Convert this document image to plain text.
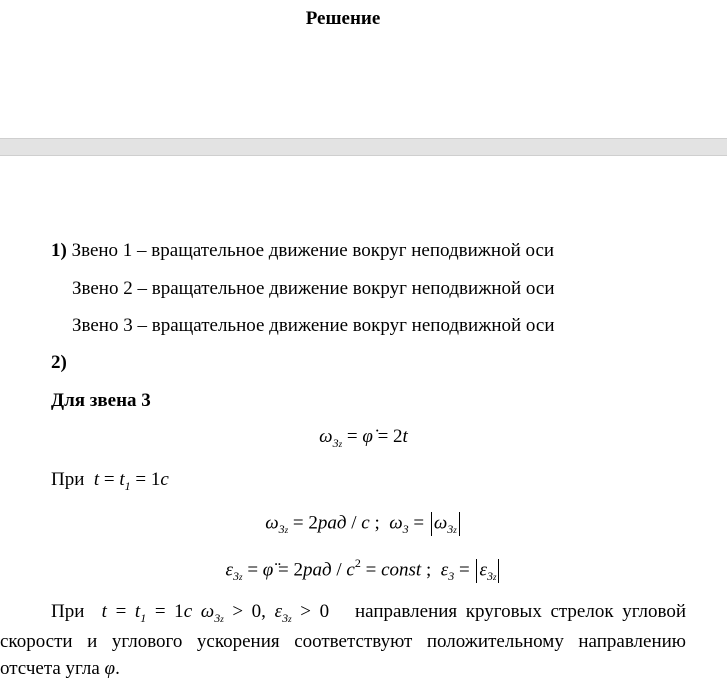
Решение
1) Звено 1 – вращательное движение вокруг неподвижной оси
Звено 2 – вращательное движение вокруг неподвижной оси
Звено 3 – вращательное движение вокруг неподвижной оси
2)
Для звена 3
$\omega_{3z}$ = φ̇ = 2t
При $t = t_1 = 1c$
$\omega_{3z} = 2рад / c$ ;  $\omega_3 = \omega_{3z}$
$\varepsilon_{3z}$ = φ̈ = $2рад / c^2$ = const ;  $\varepsilon_3 = \varepsilon_{3z}$
При $t = t_1 = 1c$ $\omega_{3z} > 0$, $\varepsilon_{3z} > 0$   направления круговых стрелок угловой
скорости и углового ускорения соответствуют положительному направлению
отсчета угла φ.
